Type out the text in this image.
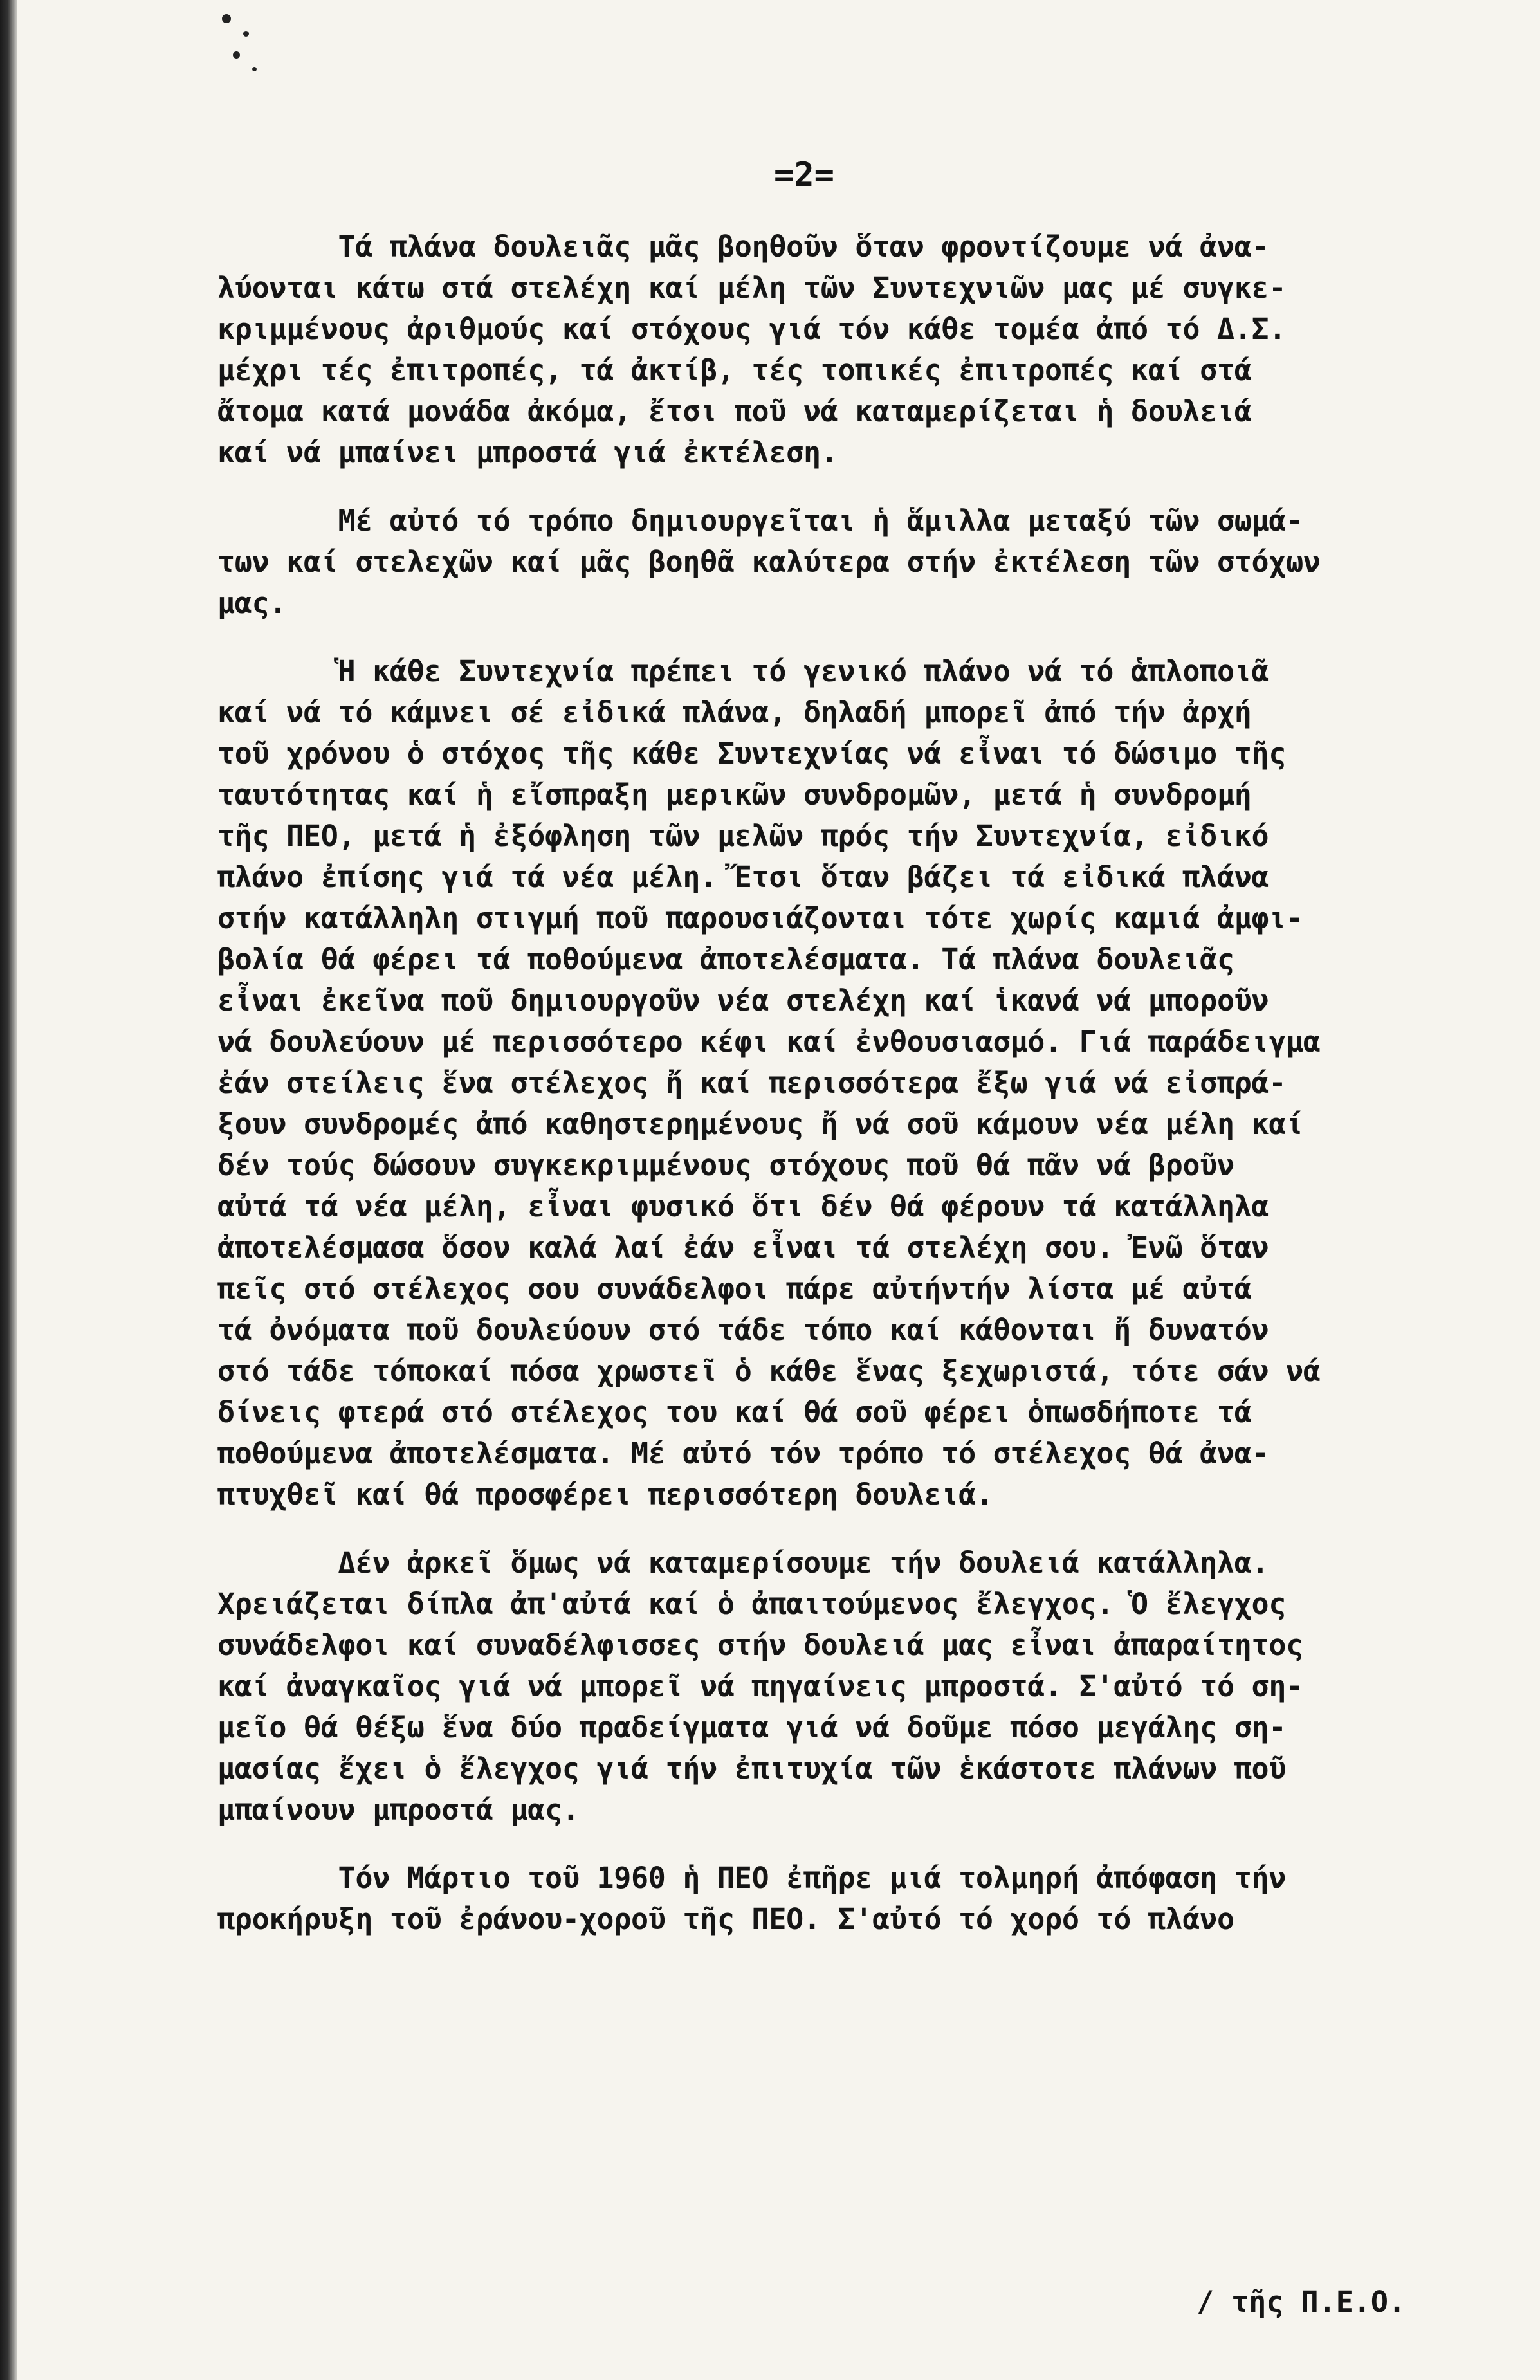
=2=
Τά πλάνα δουλειᾶς μᾶς βοηθοῦν ὅταν φροντίζουμε νά ἀνα-
λύονται κάτω στά στελέχη καί μέλη τῶν Συντεχνιῶν μας μέ συγκε-
κριμμένους ἀριθμούς καί στόχους γιά τόν κάθε τομέα ἀπό τό Δ.Σ.
μέχρι τές ἐπιτροπές, τά ἀκτίβ, τές τοπικές ἐπιτροπές καί στά
ἄτομα κατά μονάδα ἀκόμα, ἔτσι ποῦ νά καταμερίζεται ἡ δουλειά
καί νά μπαίνει μπροστά γιά ἐκτέλεση.
Μέ αὐτό τό τρόπο δημιουργεῖται ἡ ἅμιλλα μεταξύ τῶν σωμά-
των καί στελεχῶν καί μᾶς βοηθᾶ καλύτερα στήν ἐκτέλεση τῶν στόχων
μας.
Ἡ κάθε Συντεχνία πρέπει τό γενικό πλάνο νά τό ἁπλοποιᾶ
καί νά τό κάμνει σέ εἰδικά πλάνα, δηλαδή μπορεῖ ἀπό τήν ἀρχή
τοῦ χρόνου ὁ στόχος τῆς κάθε Συντεχνίας νά εἶναι τό δώσιμο τῆς
ταυτότητας καί ἡ εἴσπραξη μερικῶν συνδρομῶν, μετά ἡ συνδρομή
τῆς ΠΕΟ, μετά ἡ ἐξόφληση τῶν μελῶν πρός τήν Συντεχνία, εἰδικό
πλάνο ἐπίσης γιά τά νέα μέλη. Ἔτσι ὅταν βάζει τά εἰδικά πλάνα
στήν κατάλληλη στιγμή ποῦ παρουσιάζονται τότε χωρίς καμιά ἀμφι-
βολία θά φέρει τά ποθούμενα ἀποτελέσματα. Τά πλάνα δουλειᾶς
εἶναι ἐκεῖνα ποῦ δημιουργοῦν νέα στελέχη καί ἱκανά νά μποροῦν
νά δουλεύουν μέ περισσότερο κέφι καί ἐνθουσιασμό. Γιά παράδειγμα
ἐάν στείλεις ἕνα στέλεχος ἤ καί περισσότερα ἔξω γιά νά εἰσπρά-
ξουν συνδρομές ἀπό καθηστερημένους ἤ νά σοῦ κάμουν νέα μέλη καί
δέν τούς δώσουν συγκεκριμμένους στόχους ποῦ θά πᾶν νά βροῦν
αὐτά τά νέα μέλη, εἶναι φυσικό ὅτι δέν θά φέρουν τά κατάλληλα
ἀποτελέσμασα ὅσον καλά λαί ἐάν εἶναι τά στελέχη σου. Ἐνῶ ὅταν
πεῖς στό στέλεχος σου συνάδελφοι πάρε αὐτήντήν λίστα μέ αὐτά
τά ὀνόματα ποῦ δουλεύουν στό τάδε τόπο καί κάθονται ἤ δυνατόν
στό τάδε τόποκαί πόσα χρωστεῖ ὁ κάθε ἕνας ξεχωριστά, τότε σάν νά
δίνεις φτερά στό στέλεχος του καί θά σοῦ φέρει ὁπωσδήποτε τά
ποθούμενα ἀποτελέσματα. Μέ αὐτό τόν τρόπο τό στέλεχος θά ἀνα-
πτυχθεῖ καί θά προσφέρει περισσότερη δουλειά.
Δέν ἀρκεῖ ὅμως νά καταμερίσουμε τήν δουλειά κατάλληλα.
Χρειάζεται δίπλα ἀπ'αὐτά καί ὁ ἀπαιτούμενος ἔλεγχος. Ὁ ἔλεγχος
συνάδελφοι καί συναδέλφισσες στήν δουλειά μας εἶναι ἀπαραίτητος
καί ἀναγκαῖος γιά νά μπορεῖ νά πηγαίνεις μπροστά. Σ'αὐτό τό ση-
μεῖο θά θέξω ἕνα δύο πραδείγματα γιά νά δοῦμε πόσο μεγάλης ση-
μασίας ἔχει ὁ ἔλεγχος γιά τήν ἐπιτυχία τῶν ἑκάστοτε πλάνων ποῦ
μπαίνουν μπροστά μας.
Τόν Μάρτιο τοῦ 1960 ἡ ΠΕΟ ἐπῆρε μιά τολμηρή ἀπόφαση τήν
προκήρυξη τοῦ ἐράνου-χοροῦ τῆς ΠΕΟ. Σ'αὐτό τό χορό τό πλάνο
/ τῆς Π.Ε.Ο.
